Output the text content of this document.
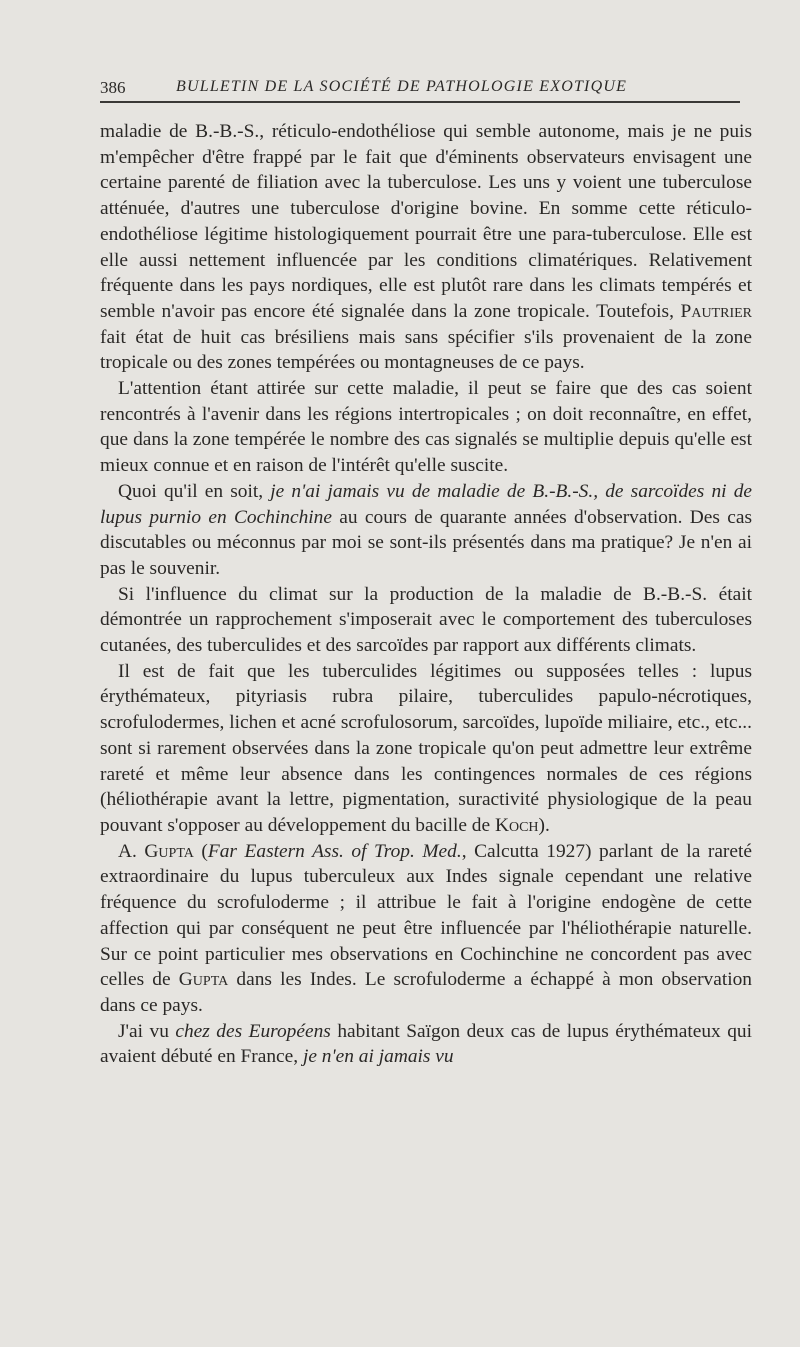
386	BULLETIN DE LA SOCIÉTÉ DE PATHOLOGIE EXOTIQUE

maladie de B.-B.-S., réticulo-endothéliose qui semble autonome, mais je ne puis m'empêcher d'être frappé par le fait que d'éminents observateurs envisagent une certaine parenté de filiation avec la tuberculose. Les uns y voient une tuberculose atténuée, d'autres une tuberculose d'origine bovine. En somme cette réticulo-endothéliose légitime histologiquement pourrait être une para-tuberculose. Elle est elle aussi nettement influencée par les conditions climatériques. Relativement fréquente dans les pays nordiques, elle est plutôt rare dans les climats tempérés et semble n'avoir pas encore été signalée dans la zone tropicale. Toutefois, Pautrier fait état de huit cas brésiliens mais sans spécifier s'ils provenaient de la zone tropicale ou des zones tempérées ou montagneuses de ce pays.

L'attention étant attirée sur cette maladie, il peut se faire que des cas soient rencontrés à l'avenir dans les régions intertropicales ; on doit reconnaître, en effet, que dans la zone tempérée le nombre des cas signalés se multiplie depuis qu'elle est mieux connue et en raison de l'intérêt qu'elle suscite.

Quoi qu'il en soit, je n'ai jamais vu de maladie de B.-B.-S., de sarcoïdes ni de lupus purnio en Cochinchine au cours de quarante années d'observation. Des cas discutables ou méconnus par moi se sont-ils présentés dans ma pratique? Je n'en ai pas le souvenir.

Si l'influence du climat sur la production de la maladie de B.-B.-S. était démontrée un rapprochement s'imposerait avec le comportement des tuberculoses cutanées, des tuberculides et des sarcoïdes par rapport aux différents climats.

Il est de fait que les tuberculides légitimes ou supposées telles : lupus érythémateux, pityriasis rubra pilaire, tuberculides papulo-nécrotiques, scrofulodermes, lichen et acné scrofulosorum, sarcoïdes, lupoïde miliaire, etc., etc... sont si rarement observées dans la zone tropicale qu'on peut admettre leur extrême rareté et même leur absence dans les contingences normales de ces régions (héliothérapie avant la lettre, pigmentation, suractivité physiologique de la peau pouvant s'opposer au développement du bacille de Koch).

A. Gupta (Far Eastern Ass. of Trop. Med., Calcutta 1927) parlant de la rareté extraordinaire du lupus tuberculeux aux Indes signale cependant une relative fréquence du scrofuloderme ; il attribue le fait à l'origine endogène de cette affection qui par conséquent ne peut être influencée par l'héliothérapie naturelle. Sur ce point particulier mes observations en Cochinchine ne concordent pas avec celles de Gupta dans les Indes. Le scrofuloderme a échappé à mon observation dans ce pays.

J'ai vu chez des Européens habitant Saïgon deux cas de lupus érythémateux qui avaient débuté en France, je n'en ai jamais vu
